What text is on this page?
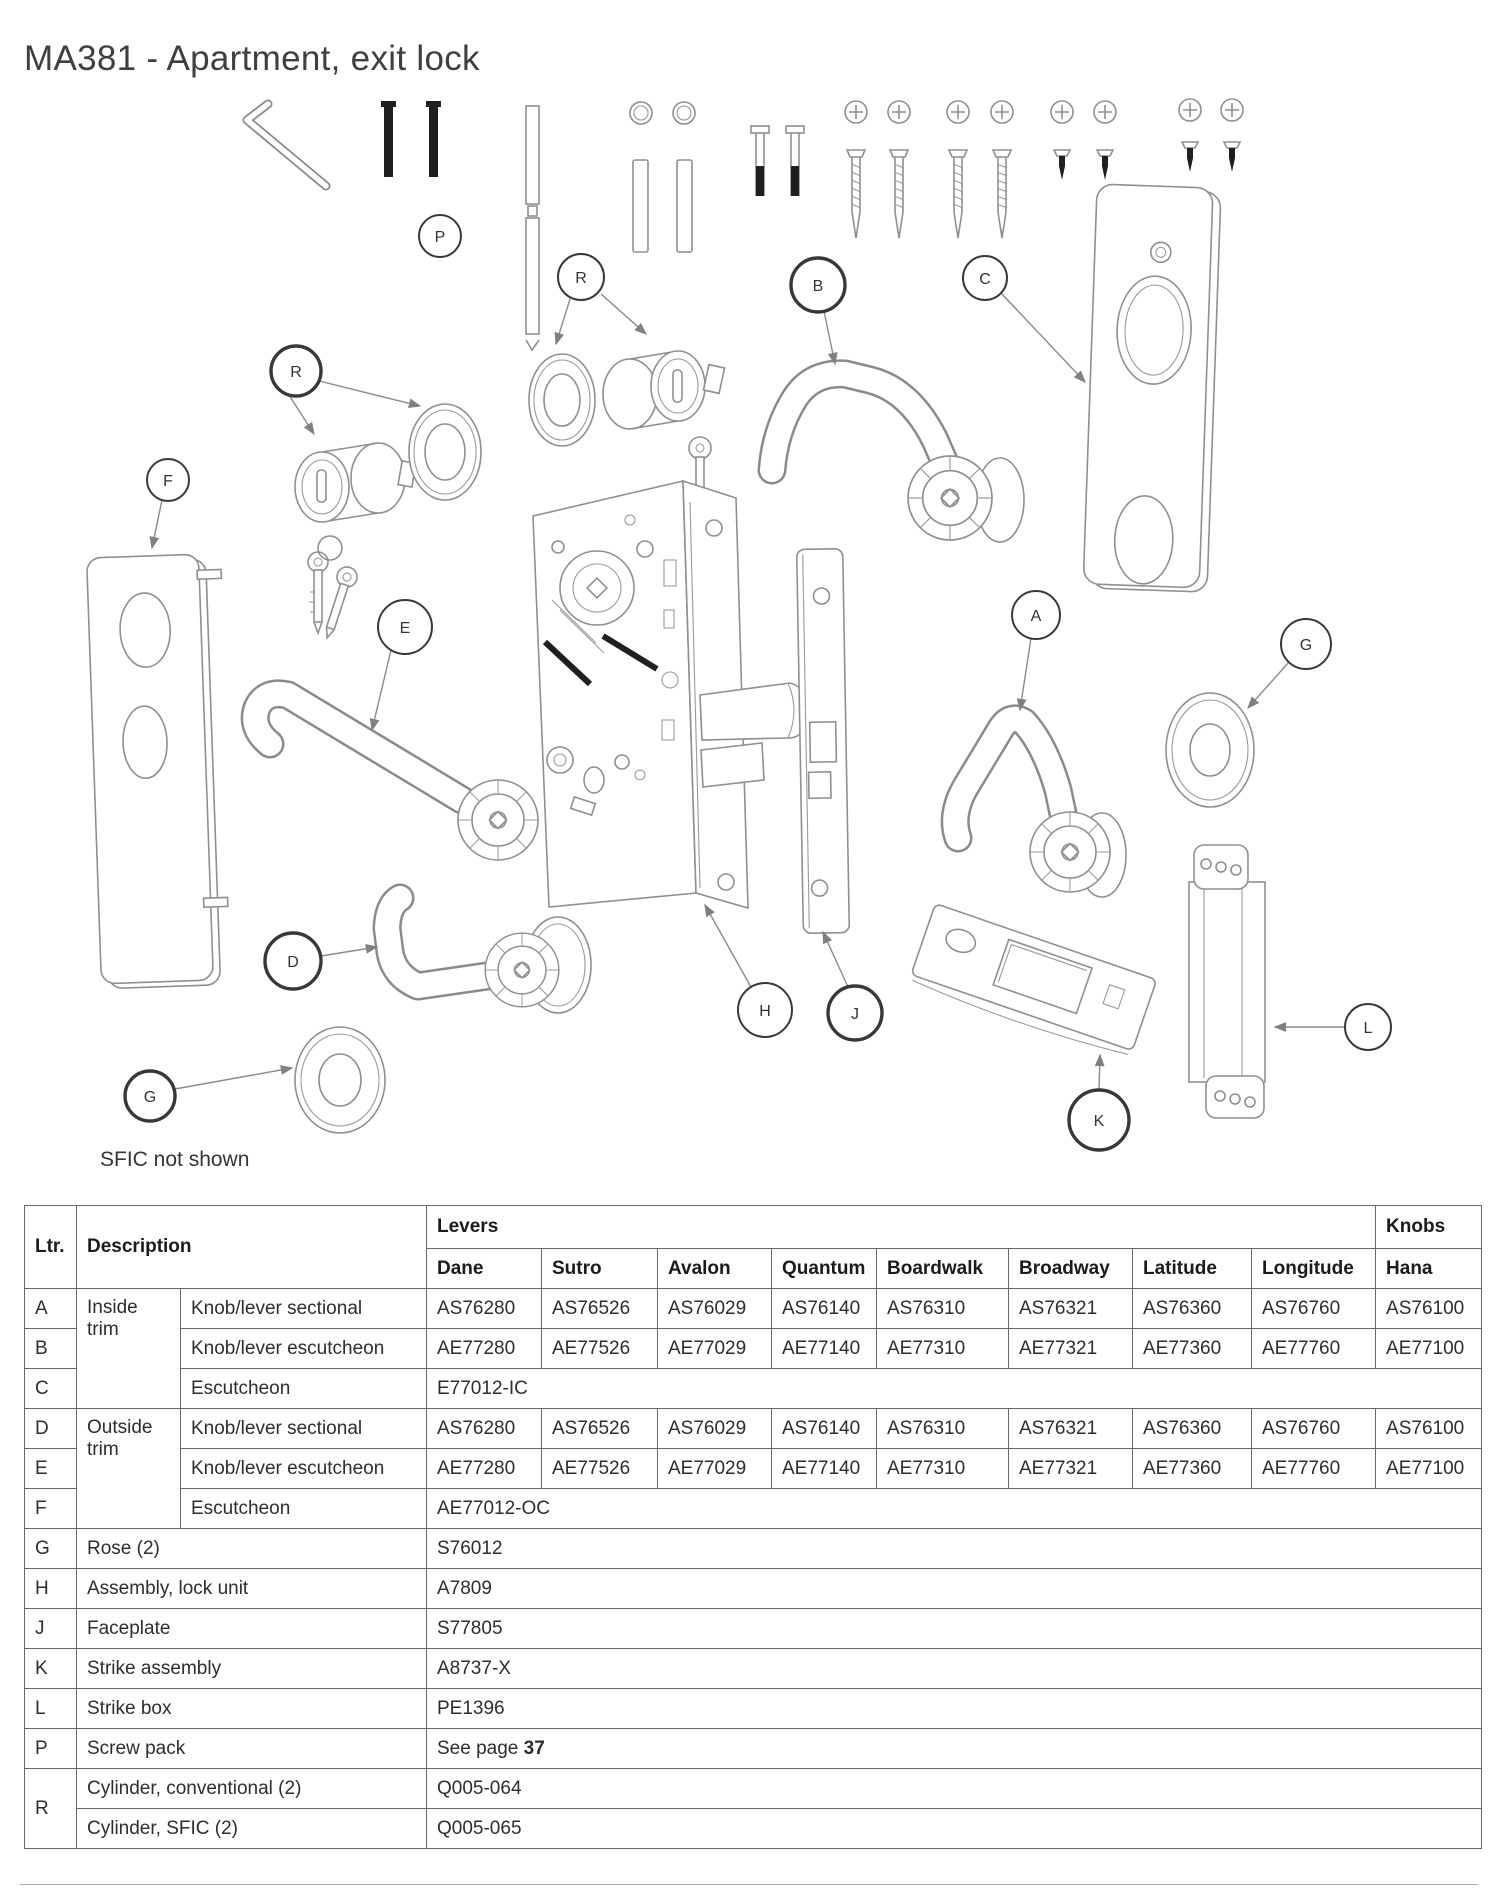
MA381 - Apartment, exit lock
P
R
R
B	C
F
E
A
G
D
G
H	J
K
L
SFIC not shown
Ltr.	Description		Levers								Knobs
			Dane	Sutro	Avalon	Quantum	Boardwalk	Broadway	Latitude	Longitude	Hana
A	Inside trim	Knob/lever sectional	AS76280	AS76526	AS76029	AS76140	AS76310	AS76321	AS76360	AS76760	AS76100
B		Knob/lever escutcheon	AE77280	AE77526	AE77029	AE77140	AE77310	AE77321	AE77360	AE77760	AE77100
C		Escutcheon	E77012-IC								
D	Outside trim	Knob/lever sectional	AS76280	AS76526	AS76029	AS76140	AS76310	AS76321	AS76360	AS76760	AS76100
E		Knob/lever escutcheon	AE77280	AE77526	AE77029	AE77140	AE77310	AE77321	AE77360	AE77760	AE77100
F		Escutcheon	AE77012-OC								
G	Rose (2)		S76012								
H	Assembly, lock unit		A7809								
J	Faceplate		S77805								
K	Strike assembly		A8737-X								
L	Strike box		PE1396								
P	Screw pack		See page 37								
R	Cylinder, conventional (2)		Q005-064								
	Cylinder, SFIC (2)		Q005-065								
